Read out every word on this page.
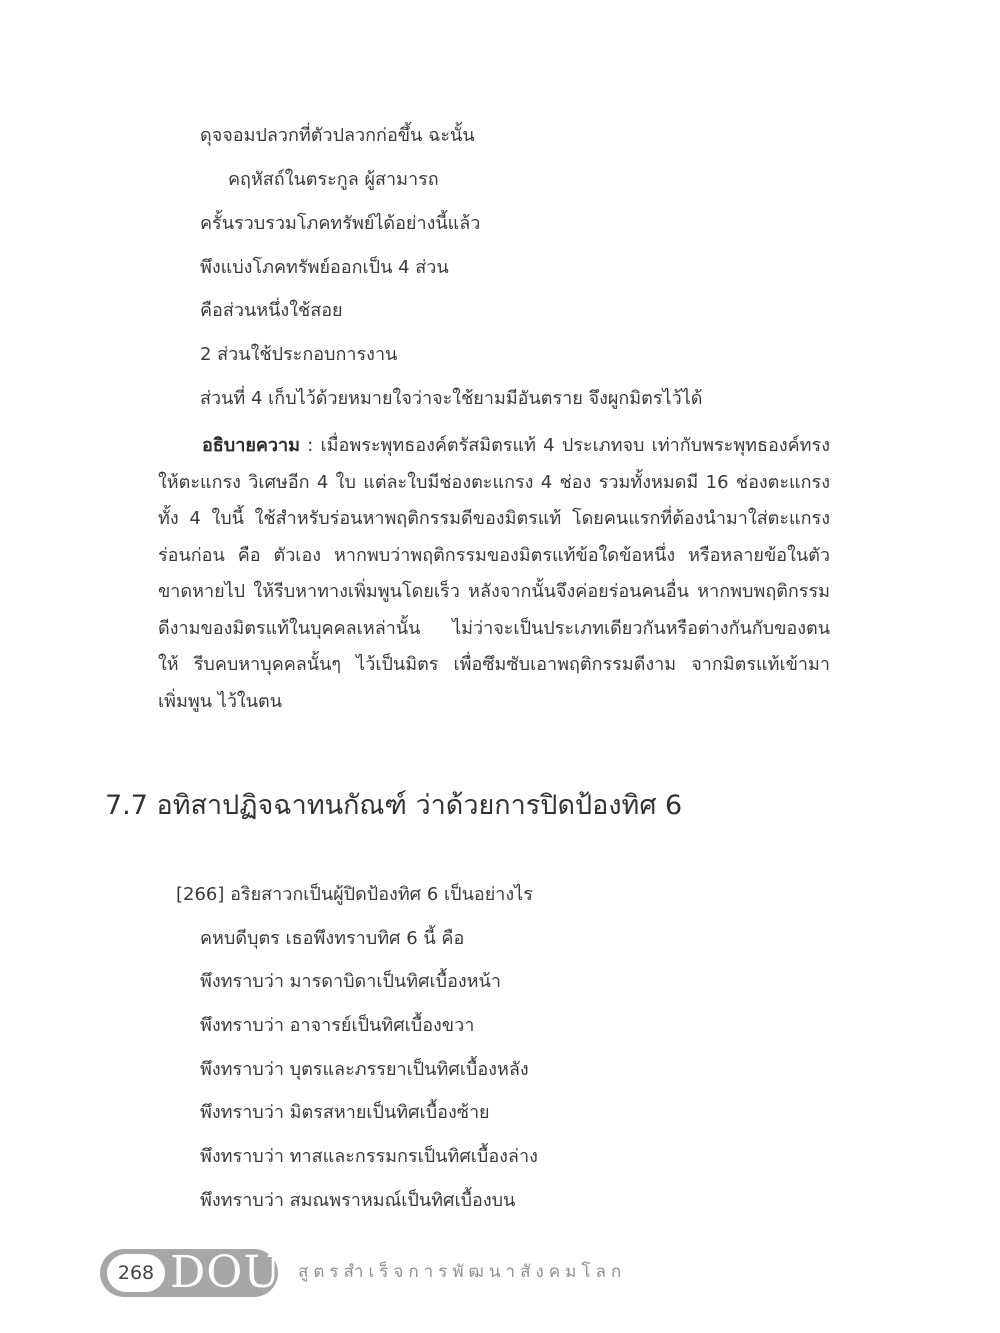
ดุจจอมปลวกที่ตัวปลวกก่อขึ้น ฉะนั้น
คฤหัสถ์ในตระกูล ผู้สามารถ
ครั้นรวบรวมโภคทรัพย์ได้อย่างนี้แล้ว
พึงแบ่งโภคทรัพย์ออกเป็น 4 ส่วน
คือส่วนหนึ่งใช้สอย
2 ส่วนใช้ประกอบการงาน
ส่วนที่ 4 เก็บไว้ด้วยหมายใจว่าจะใช้ยามมีอันตราย จึงผูกมิตรไว้ได้
อธิบายความ : เมื่อพระพุทธองค์ตรัสมิตรแท้ 4 ประเภทจบ เท่ากับพระพุทธองค์ทรงให้ตะแกรง วิเศษอีก 4 ใบ แต่ละใบมีช่องตะแกรง 4 ช่อง รวมทั้งหมดมี 16 ช่องตะแกรง ทั้ง 4 ใบนี้ ใช้สำหรับร่อนหาพฤติกรรมดีของมิตรแท้ โดยคนแรกที่ต้องนำมาใส่ตะแกรง ร่อนก่อน คือ ตัวเอง หากพบว่าพฤติกรรมของมิตรแท้ข้อใดข้อหนึ่ง หรือหลายข้อในตัว ขาดหายไป ให้รีบหาทางเพิ่มพูนโดยเร็ว หลังจากนั้นจึงค่อยร่อนคนอื่น หากพบพฤติกรรม ดีงามของมิตรแท้ในบุคคลเหล่านั้น ไม่ว่าจะเป็นประเภทเดียวกันหรือต่างกันกับของตน ให้ รีบคบหาบุคคลนั้นๆ ไว้เป็นมิตร เพื่อซึมซับเอาพฤติกรรมดีงาม จากมิตรแท้เข้ามาเพิ่มพูน ไว้ในตน
7.7 อทิสาปฏิจฉาทนกัณฑ์ ว่าด้วยการปิดป้องทิศ 6
[266] อริยสาวกเป็นผู้ปิดป้องทิศ 6 เป็นอย่างไร
คหบดีบุตร เธอพึงทราบทิศ 6 นี้ คือ
พึงทราบว่า มารดาบิดาเป็นทิศเบื้องหน้า
พึงทราบว่า อาจารย์เป็นทิศเบื้องขวา
พึงทราบว่า บุตรและภรรยาเป็นทิศเบื้องหลัง
พึงทราบว่า มิตรสหายเป็นทิศเบื้องซ้าย
พึงทราบว่า ทาสและกรรมกรเป็นทิศเบื้องล่าง
พึงทราบว่า สมณพราหมณ์เป็นทิศเบื้องบน
268 DOU สูตรสำเร็จการพัฒนาสังคมโลก
